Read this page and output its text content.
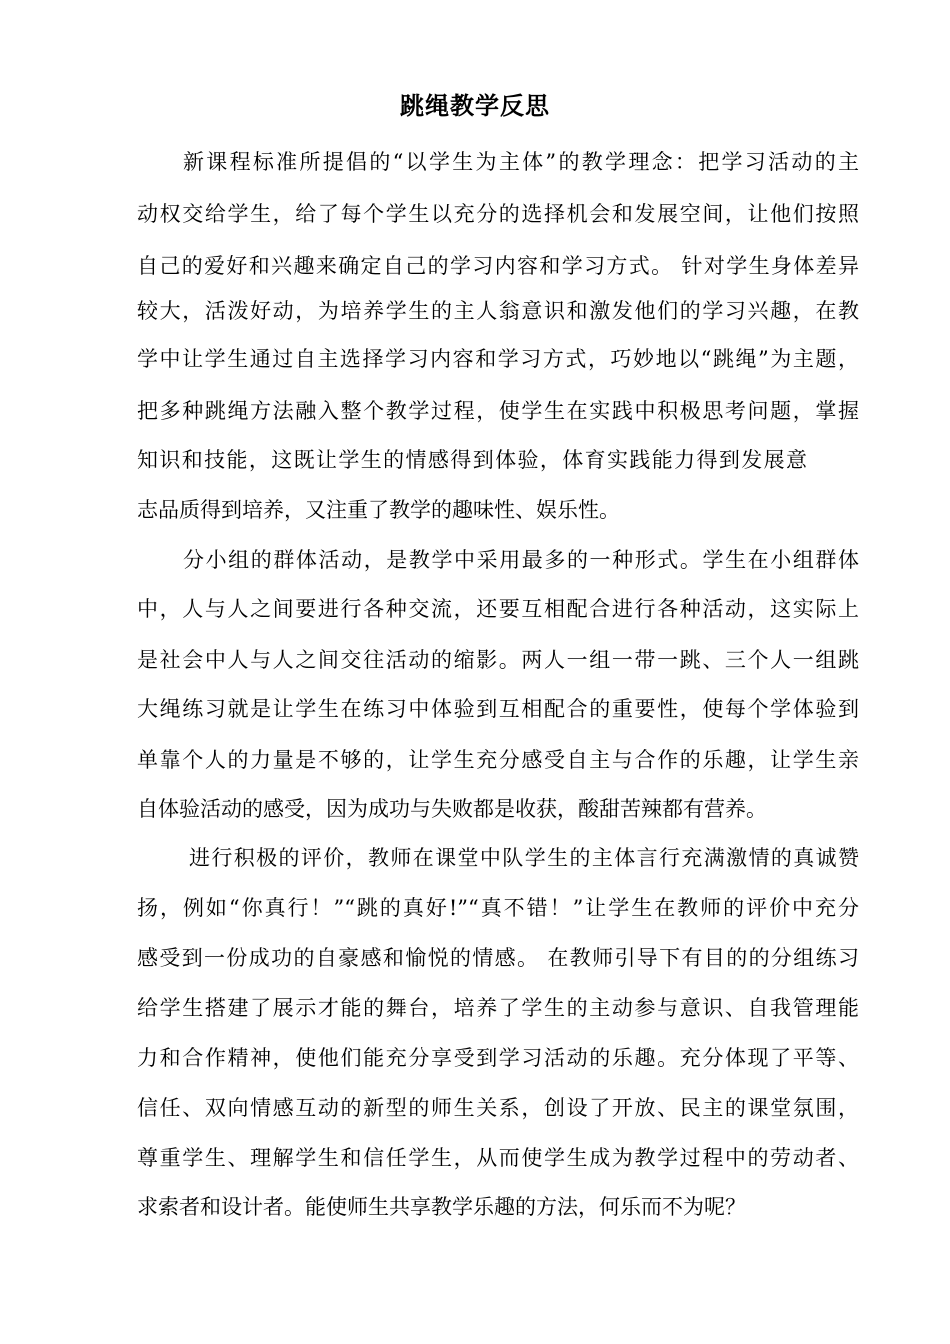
跳绳教学反思
新课程标准所提倡的“以学生为主体”的教学理念：把学习活动的主
动权交给学生，给了每个学生以充分的选择机会和发展空间，让他们按照
自己的爱好和兴趣来确定自己的学习内容和学习方式。 针对学生身体差异
较大，活泼好动，为培养学生的主人翁意识和激发他们的学习兴趣，在教
学中让学生通过自主选择学习内容和学习方式，巧妙地以“跳绳”为主题，
把多种跳绳方法融入整个教学过程，使学生在实践中积极思考问题，掌握
知识和技能，这既让学生的情感得到体验，体育实践能力得到发展意
志品质得到培养，又注重了教学的趣味性、娱乐性。
分小组的群体活动，是教学中采用最多的一种形式。学生在小组群体
中，人与人之间要进行各种交流，还要互相配合进行各种活动，这实际上
是社会中人与人之间交往活动的缩影。两人一组一带一跳、三个人一组跳
大绳练习就是让学生在练习中体验到互相配合的重要性，使每个学体验到
单靠个人的力量是不够的，让学生充分感受自主与合作的乐趣，让学生亲
自体验活动的感受，因为成功与失败都是收获，酸甜苦辣都有营养。
进行积极的评价，教师在课堂中队学生的主体言行充满激情的真诚赞
扬，例如“你真行！”“跳的真好!”“真不错！”让学生在教师的评价中充分
感受到一份成功的自豪感和愉悦的情感。 在教师引导下有目的的分组练习
给学生搭建了展示才能的舞台，培养了学生的主动参与意识、自我管理能
力和合作精神，使他们能充分享受到学习活动的乐趣。充分体现了平等、
信任、双向情感互动的新型的师生关系，创设了开放、民主的课堂氛围，
尊重学生、理解学生和信任学生，从而使学生成为教学过程中的劳动者、
求索者和设计者。能使师生共享教学乐趣的方法，何乐而不为呢？
